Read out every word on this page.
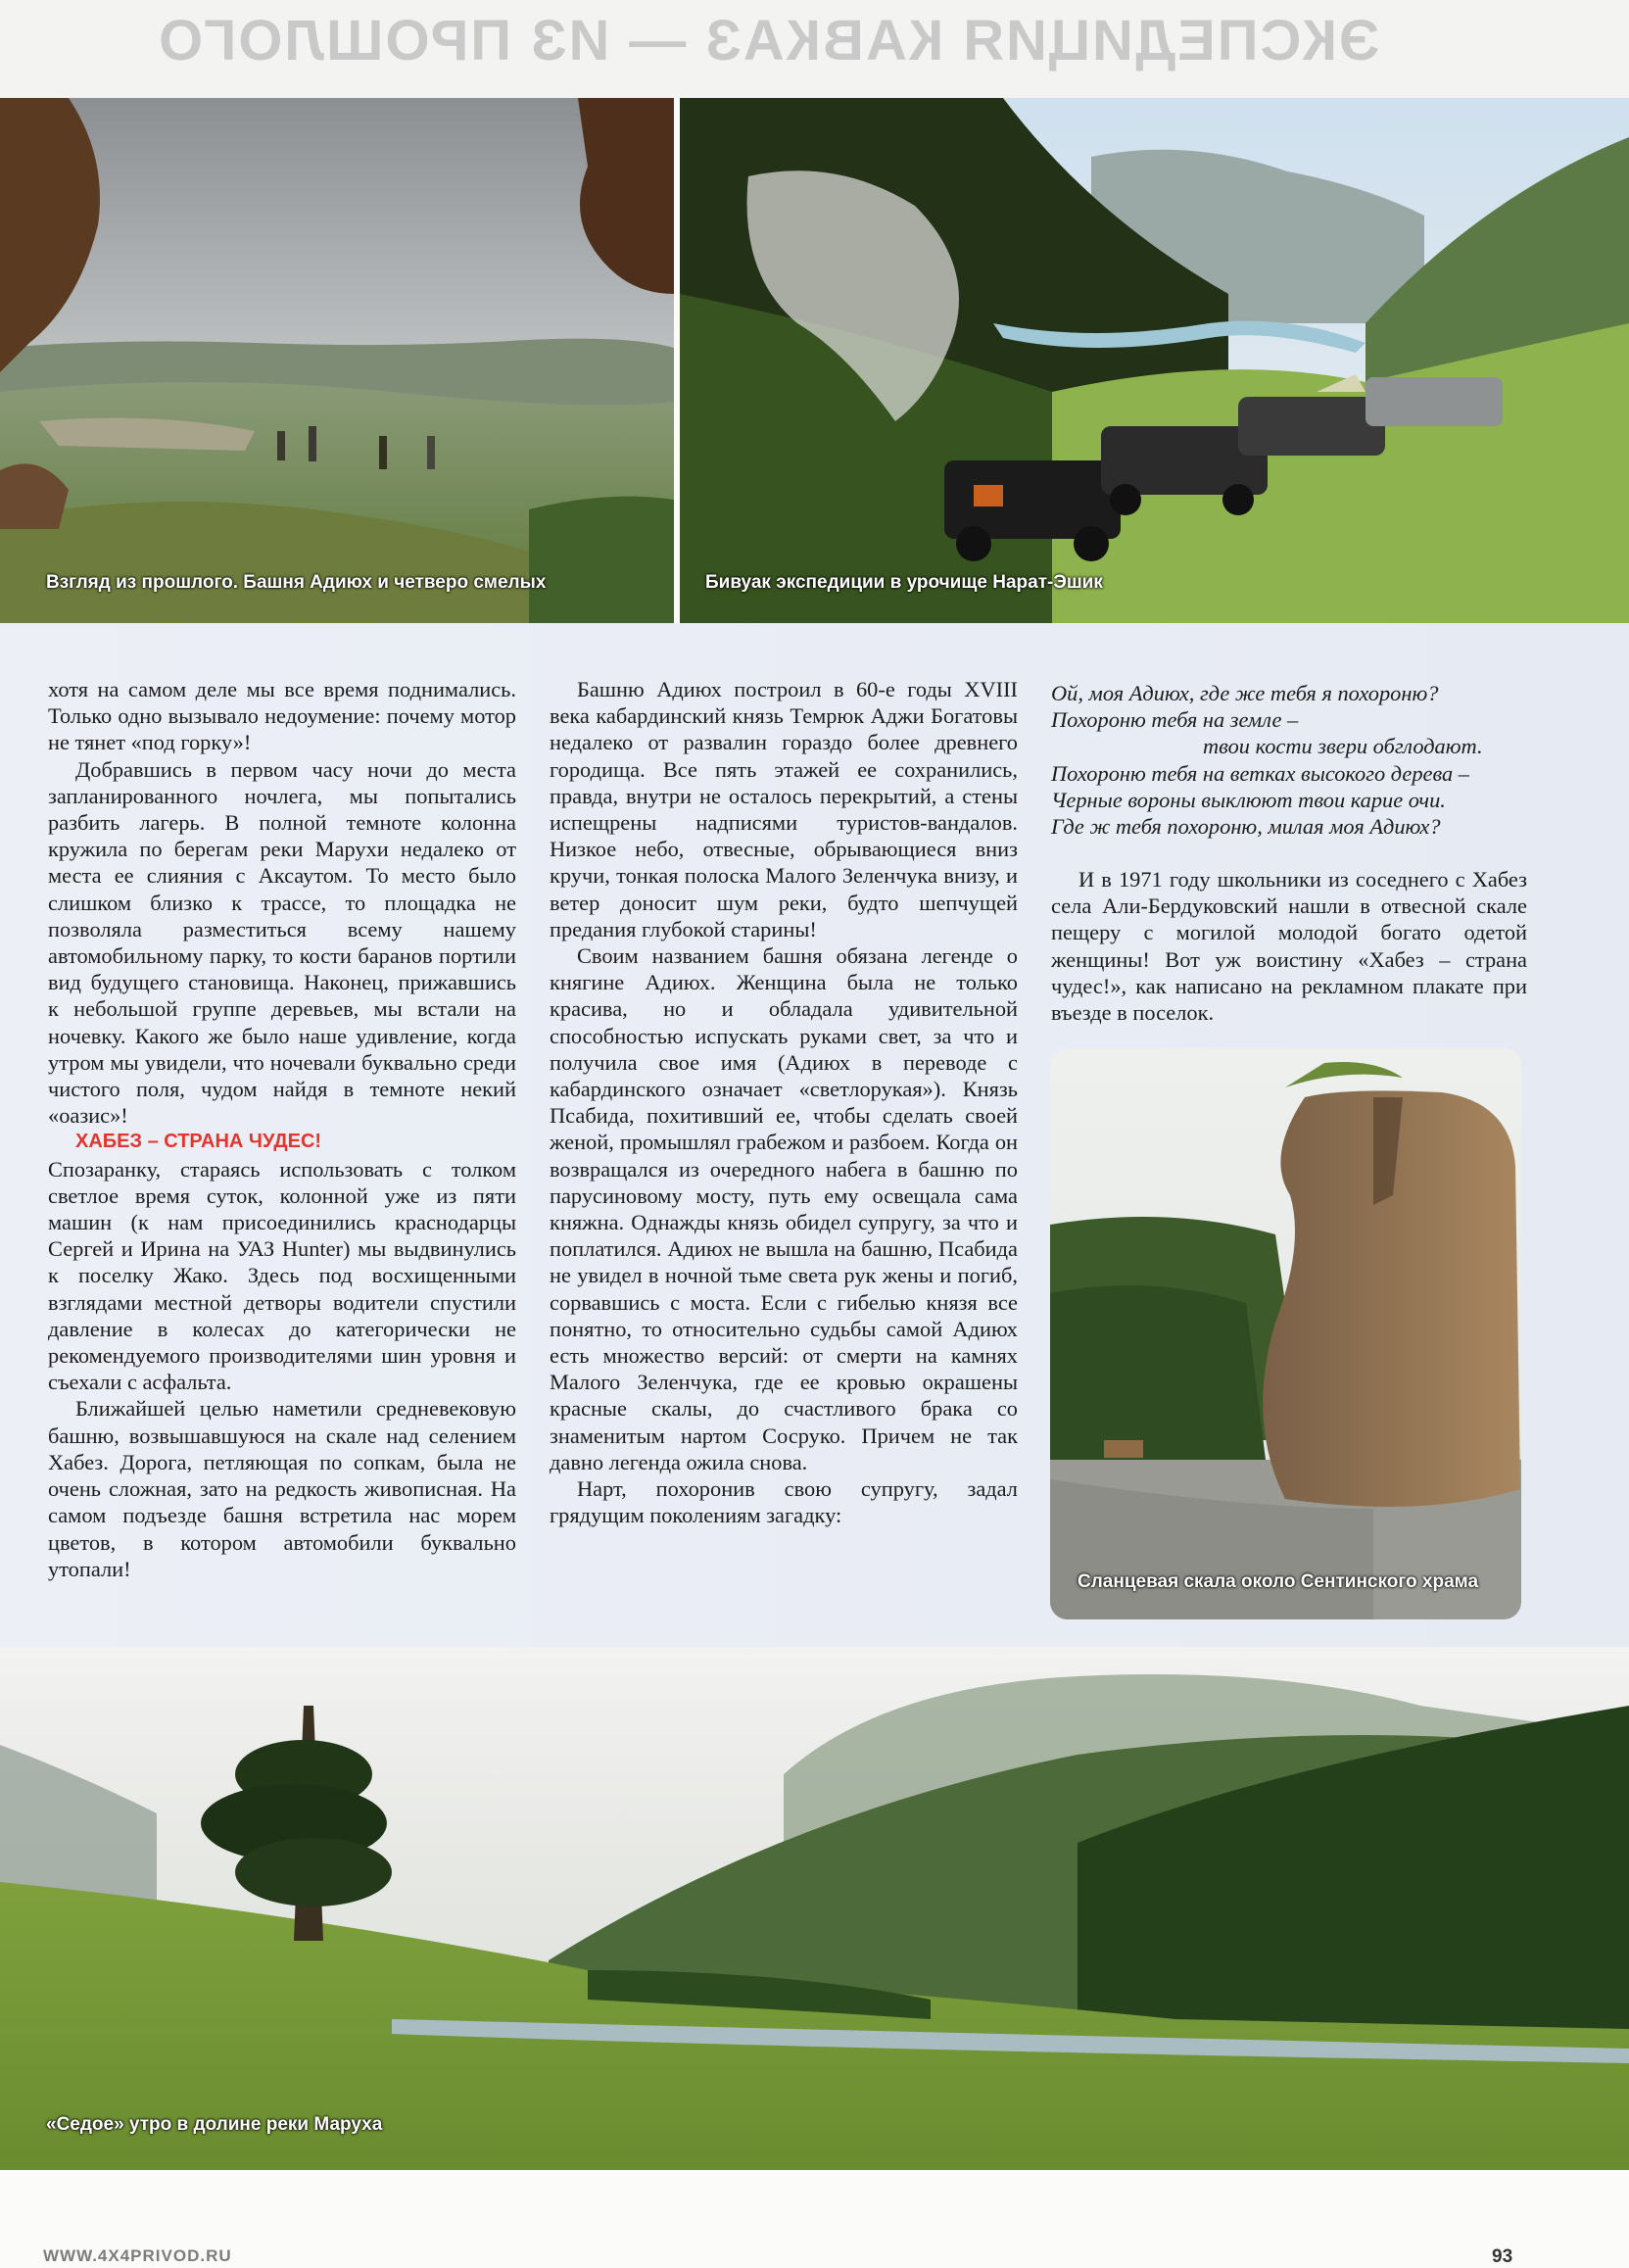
ЭКСПЕДИЦИЯ КАВКАЗ — ИЗ ПРОШЛОГО
Взгляд из прошлого. Башня Адиюх и четверо смелых	Бивуак экспедиции в урочище Нарат-Эшик

хотя на самом деле мы все время поднимались. Только одно вызывало недоумение: почему мотор не тянет «под горку»!

Добравшись в первом часу ночи до места запланированного ночлега, мы попытались разбить лагерь. В полной темноте колонна кружила по берегам реки Марухи недалеко от места ее слияния с Аксаутом. То место было слишком близко к трассе, то площадка не позволяла разместиться всему нашему автомобильному парку, то кости баранов портили вид будущего становища. Наконец, прижавшись к небольшой группе деревьев, мы встали на ночевку. Какого же было наше удивление, когда утром мы увидели, что ночевали буквально среди чистого поля, чудом найдя в темноте некий «оазис»!

ХАБЕЗ – СТРАНА ЧУДЕС!

Спозаранку, стараясь использовать с толком светлое время суток, колонной уже из пяти машин (к нам присоединились краснодарцы Сергей и Ирина на УАЗ Hunter) мы выдвинулись к поселку Жако. Здесь под восхищенными взглядами местной детворы водители спустили давление в колесах до категорически не рекомендуемого производителями шин уровня и съехали с асфальта.

Ближайшей целью наметили средневековую башню, возвышавшуюся на скале над селением Хабез. Дорога, петляющая по сопкам, была не очень сложная, зато на редкость живописная. На самом подъезде башня встретила нас морем цветов, в котором автомобили буквально утопали!

Башню Адиюх построил в 60-е годы XVIII века кабардинский князь Темрюк Аджи Богатовы недалеко от развалин гораздо более древнего городища. Все пять этажей ее сохранились, правда, внутри не осталось перекрытий, а стены испещрены надписями туристов-вандалов. Низкое небо, отвесные, обрывающиеся вниз кручи, тонкая полоска Малого Зеленчука внизу, и ветер доносит шум реки, будто шепчущей предания глубокой старины!

Своим названием башня обязана легенде о княгине Адиюх. Женщина была не только красива, но и обладала удивительной способностью испускать руками свет, за что и получила свое имя (Адиюх в переводе с кабардинского означает «светлорукая»). Князь Псабида, похитивший ее, чтобы сделать своей женой, промышлял грабежом и разбоем. Когда он возвращался из очередного набега в башню по парусиновому мосту, путь ему освещала сама княжна. Однажды князь обидел супругу, за что и поплатился. Адиюх не вышла на башню, Псабида не увидел в ночной тьме света рук жены и погиб, сорвавшись с моста. Если с гибелью князя все понятно, то относительно судьбы самой Адиюх есть множество версий: от смерти на камнях Малого Зеленчука, где ее кровью окрашены красные скалы, до счастливого брака со знаменитым нартом Сосруко. Причем не так давно легенда ожила снова.

Нарт, похоронив свою супругу, задал грядущим поколениям загадку:

Ой, моя Адиюх, где же тебя я похороню?
Похороню тебя на земле –
твои кости звери обглодают.
Похороню тебя на ветках высокого дерева –
Черные вороны выклюют твои карие очи.
Где ж тебя похороню, милая моя Адиюх?

И в 1971 году школьники из соседнего с Хабез села Али-Бердуковский нашли в отвесной скале пещеру с могилой молодой богато одетой женщины! Вот уж воистину «Хабез – страна чудес!», как написано на рекламном плакате при въезде в поселок.

Сланцевая скала около Сентинского храма
«Седое» утро в долине реки Маруха
WWW.4X4PRIVOD.RU	93
